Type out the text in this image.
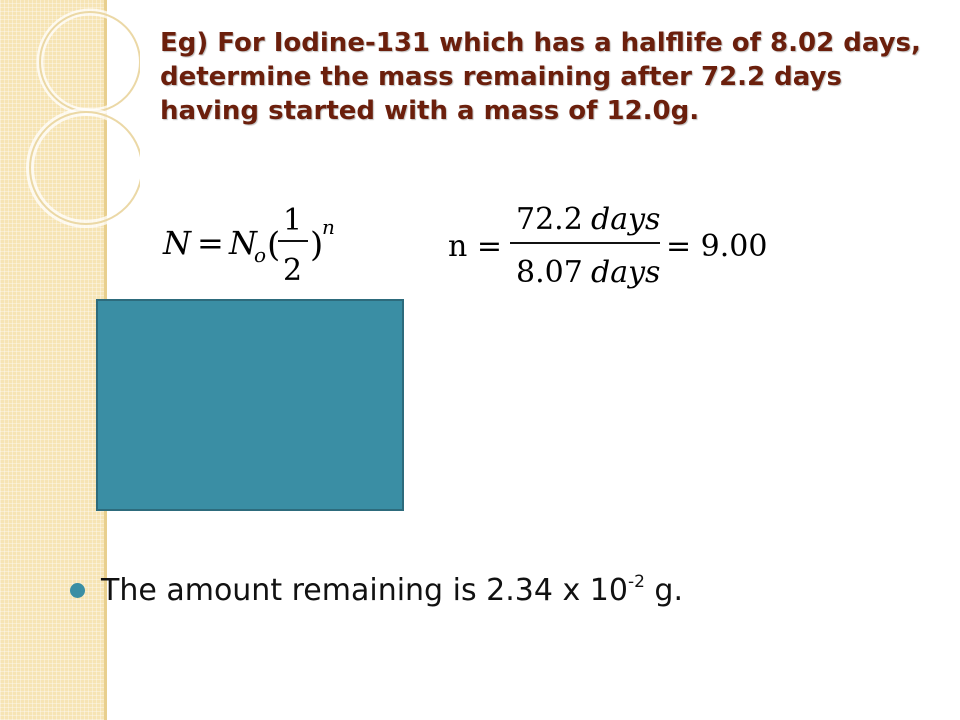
Eg) For Iodine-131 which has a halflife of 8.02 days,
determine the mass remaining after 72.2 days
having started with a mass of 12.0g.
N = N
o (
1
2
)
n
n =
72.2 days
8.07 days
= 9.00
The amount remaining is 2.34 x $10^{-2}$ g.
